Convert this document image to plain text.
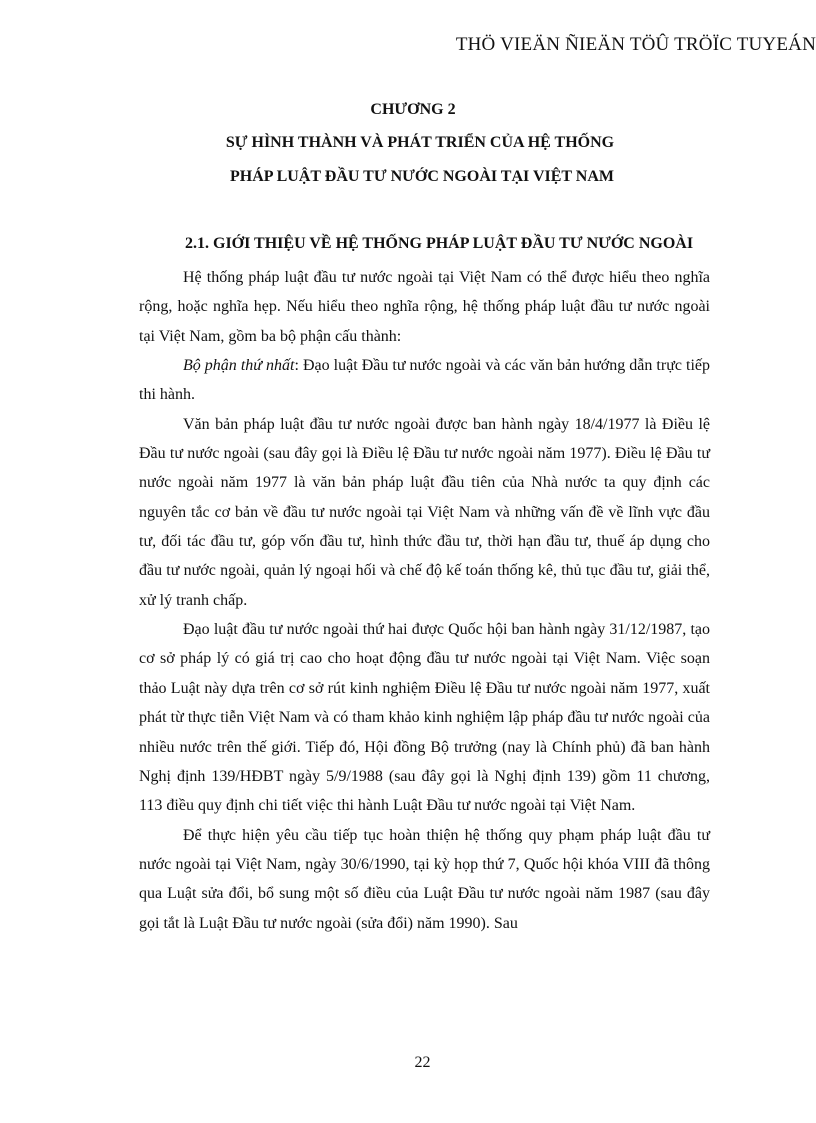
THÖ VIEÄN ÑIEÄN TÖÛ TRÖÏC TUYEÁN
CHƯƠNG 2
SỰ HÌNH THÀNH VÀ PHÁT TRIỂN CỦA HỆ THỐNG
PHÁP LUẬT ĐẦU TƯ NƯỚC NGOÀI TẠI VIỆT NAM
2.1. GIỚI THIỆU VỀ HỆ THỐNG PHÁP LUẬT ĐẦU TƯ NƯỚC NGOÀI

Hệ thống pháp luật đầu tư nước ngoài tại Việt Nam có thể được hiểu theo nghĩa rộng, hoặc nghĩa hẹp. Nếu hiểu theo nghĩa rộng, hệ thống pháp luật đầu tư nước ngoài tại Việt Nam, gồm ba bộ phận cấu thành:

Bộ phận thứ nhất: Đạo luật Đầu tư nước ngoài và các văn bản hướng dẫn trực tiếp thi hành.

Văn bản pháp luật đầu tư nước ngoài được ban hành ngày 18/4/1977 là Điều lệ Đầu tư nước ngoài (sau đây gọi là Điều lệ Đầu tư nước ngoài năm 1977). Điều lệ Đầu tư nước ngoài năm 1977 là văn bản pháp luật đầu tiên của Nhà nước ta quy định các nguyên tắc cơ bản về đầu tư nước ngoài tại Việt Nam và những vấn đề về lĩnh vực đầu tư, đối tác đầu tư, góp vốn đầu tư, hình thức đầu tư, thời hạn đầu tư, thuế áp dụng cho đầu tư nước ngoài, quản lý ngoại hối và chế độ kế toán thống kê, thủ tục đầu tư, giải thể, xử lý tranh chấp.

Đạo luật đầu tư nước ngoài thứ hai được Quốc hội ban hành ngày 31/12/1987, tạo cơ sở pháp lý có giá trị cao cho hoạt động đầu tư nước ngoài tại Việt Nam. Việc soạn thảo Luật này dựa trên cơ sở rút kinh nghiệm Điều lệ Đầu tư nước ngoài năm 1977, xuất phát từ thực tiễn Việt Nam và có tham khảo kinh nghiệm lập pháp đầu tư nước ngoài của nhiều nước trên thế giới. Tiếp đó, Hội đồng Bộ trưởng (nay là Chính phủ) đã ban hành Nghị định 139/HĐBT ngày 5/9/1988 (sau đây gọi là Nghị định 139) gồm 11 chương, 113 điều quy định chi tiết việc thi hành Luật Đầu tư nước ngoài tại Việt Nam.

Để thực hiện yêu cầu tiếp tục hoàn thiện hệ thống quy phạm pháp luật đầu tư nước ngoài tại Việt Nam, ngày 30/6/1990, tại kỳ họp thứ 7, Quốc hội khóa VIII đã thông qua Luật sửa đổi, bổ sung một số điều của Luật Đầu tư nước ngoài năm 1987 (sau đây gọi tắt là Luật Đầu tư nước ngoài (sửa đổi) năm 1990). Sau

22
